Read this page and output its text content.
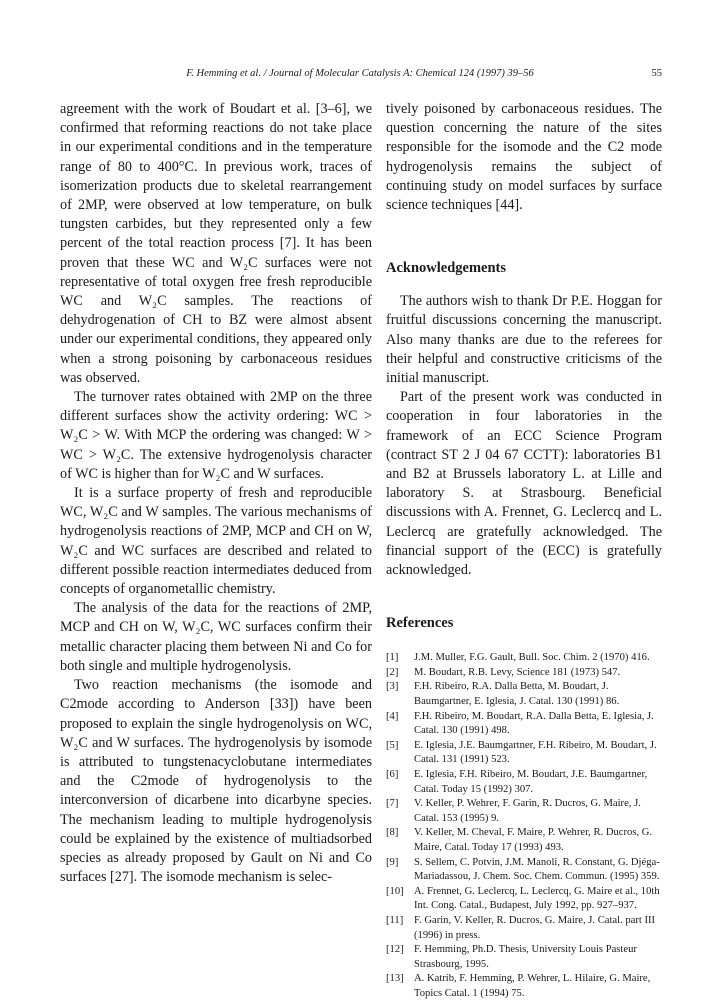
F. Hemming et al. / Journal of Molecular Catalysis A: Chemical 124 (1997) 39–56	55

agreement with the work of Boudart et al. [3–6], we confirmed that reforming reactions do not take place in our experimental conditions and in the temperature range of 80 to 400°C. In previous work, traces of isomerization products due to skeletal rearrangement of 2MP, were observed at low temperature, on bulk tungsten carbides, but they represented only a few percent of the total reaction process [7]. It has been proven that these WC and W₂C surfaces were not representative of total oxygen free fresh reproducible WC and W₂C samples. The reactions of dehydrogenation of CH to BZ were almost absent under our experimental conditions, they appeared only when a strong poisoning by carbonaceous residues was observed.

The turnover rates obtained with 2MP on the three different surfaces show the activity ordering: WC > W₂C > W. With MCP the ordering was changed: W > WC > W₂C. The extensive hydrogenolysis character of WC is higher than for W₂C and W surfaces.

It is a surface property of fresh and reproducible WC, W₂C and W samples. The various mechanisms of hydrogenolysis reactions of 2MP, MCP and CH on W, W₂C and WC surfaces are described and related to different possible reaction intermediates deduced from concepts of organometallic chemistry.

The analysis of the data for the reactions of 2MP, MCP and CH on W, W₂C, WC surfaces confirm their metallic character placing them between Ni and Co for both single and multiple hydrogenolysis.

Two reaction mechanisms (the isomode and C2mode according to Anderson [33]) have been proposed to explain the single hydrogenolysis on WC, W₂C and W surfaces. The hydrogenolysis by isomode is attributed to tungstenacyclobutane intermediates and the C2mode of hydrogenolysis to the interconversion of dicarbene into dicarbyne species. The mechanism leading to multiple hydrogenolysis could be explained by the existence of multiadsorbed species as already proposed by Gault on Ni and Co surfaces [27]. The isomode mechanism is selec-

tively poisoned by carbonaceous residues. The question concerning the nature of the sites responsible for the isomode and the C2 mode hydrogenolysis remains the subject of continuing study on model surfaces by surface science techniques [44].

Acknowledgements

The authors wish to thank Dr P.E. Hoggan for fruitful discussions concerning the manuscript. Also many thanks are due to the referees for their helpful and constructive criticisms of the initial manuscript.

Part of the present work was conducted in cooperation in four laboratories in the framework of an ECC Science Program (contract ST 2 J 04 67 CCTT): laboratories B1 and B2 at Brussels laboratory L. at Lille and laboratory S. at Strasbourg. Beneficial discussions with A. Frennet, G. Leclercq and L. Leclercq are gratefully acknowledged. The financial support of the (ECC) is gratefully acknowledged.

References
[1]	J.M. Muller, F.G. Gault, Bull. Soc. Chim. 2 (1970) 416.
[2]	M. Boudart, R.B. Levy, Science 181 (1973) 547.
[3]	F.H. Ribeiro, R.A. Dalla Betta, M. Boudart, J. Baumgartner, E. Iglesia, J. Catal. 130 (1991) 86.
[4]	F.H. Ribeiro, M. Boudart, R.A. Dalla Betta, E. Iglesia, J. Catal. 130 (1991) 498.
[5]	E. Iglesia, J.E. Baumgartner, F.H. Ribeiro, M. Boudart, J. Catal. 131 (1991) 523.
[6]	E. Iglesia, F.H. Ribeiro, M. Boudart, J.E. Baumgartner, Catal. Today 15 (1992) 307.
[7]	V. Keller, P. Wehrer, F. Garin, R. Ducros, G. Maire, J. Catal. 153 (1995) 9.
[8]	V. Keller, M. Cheval, F. Maire, P. Wehrer, R. Ducros, G. Maire, Catal. Today 17 (1993) 493.
[9]	S. Sellem, C. Potvin, J.M. Manoli, R. Constant, G. Djéga-Mariadassou, J. Chem. Soc. Chem. Commun. (1995) 359.
[10] A. Frennet, G. Leclercq, L. Leclercq, G. Maire et al., 10th Int. Cong. Catal., Budapest, July 1992, pp. 927–937.
[11]	F. Garin, V. Keller, R. Ducros, G. Maire, J. Catal. part III (1996) in press.
[12] F. Hemming, Ph.D. Thesis, University Louis Pasteur Strasbourg, 1995.
[13] A. Katrib, F. Hemming, P. Wehrer, L. Hilaire, G. Maire, Topics Catal. 1 (1994) 75.
